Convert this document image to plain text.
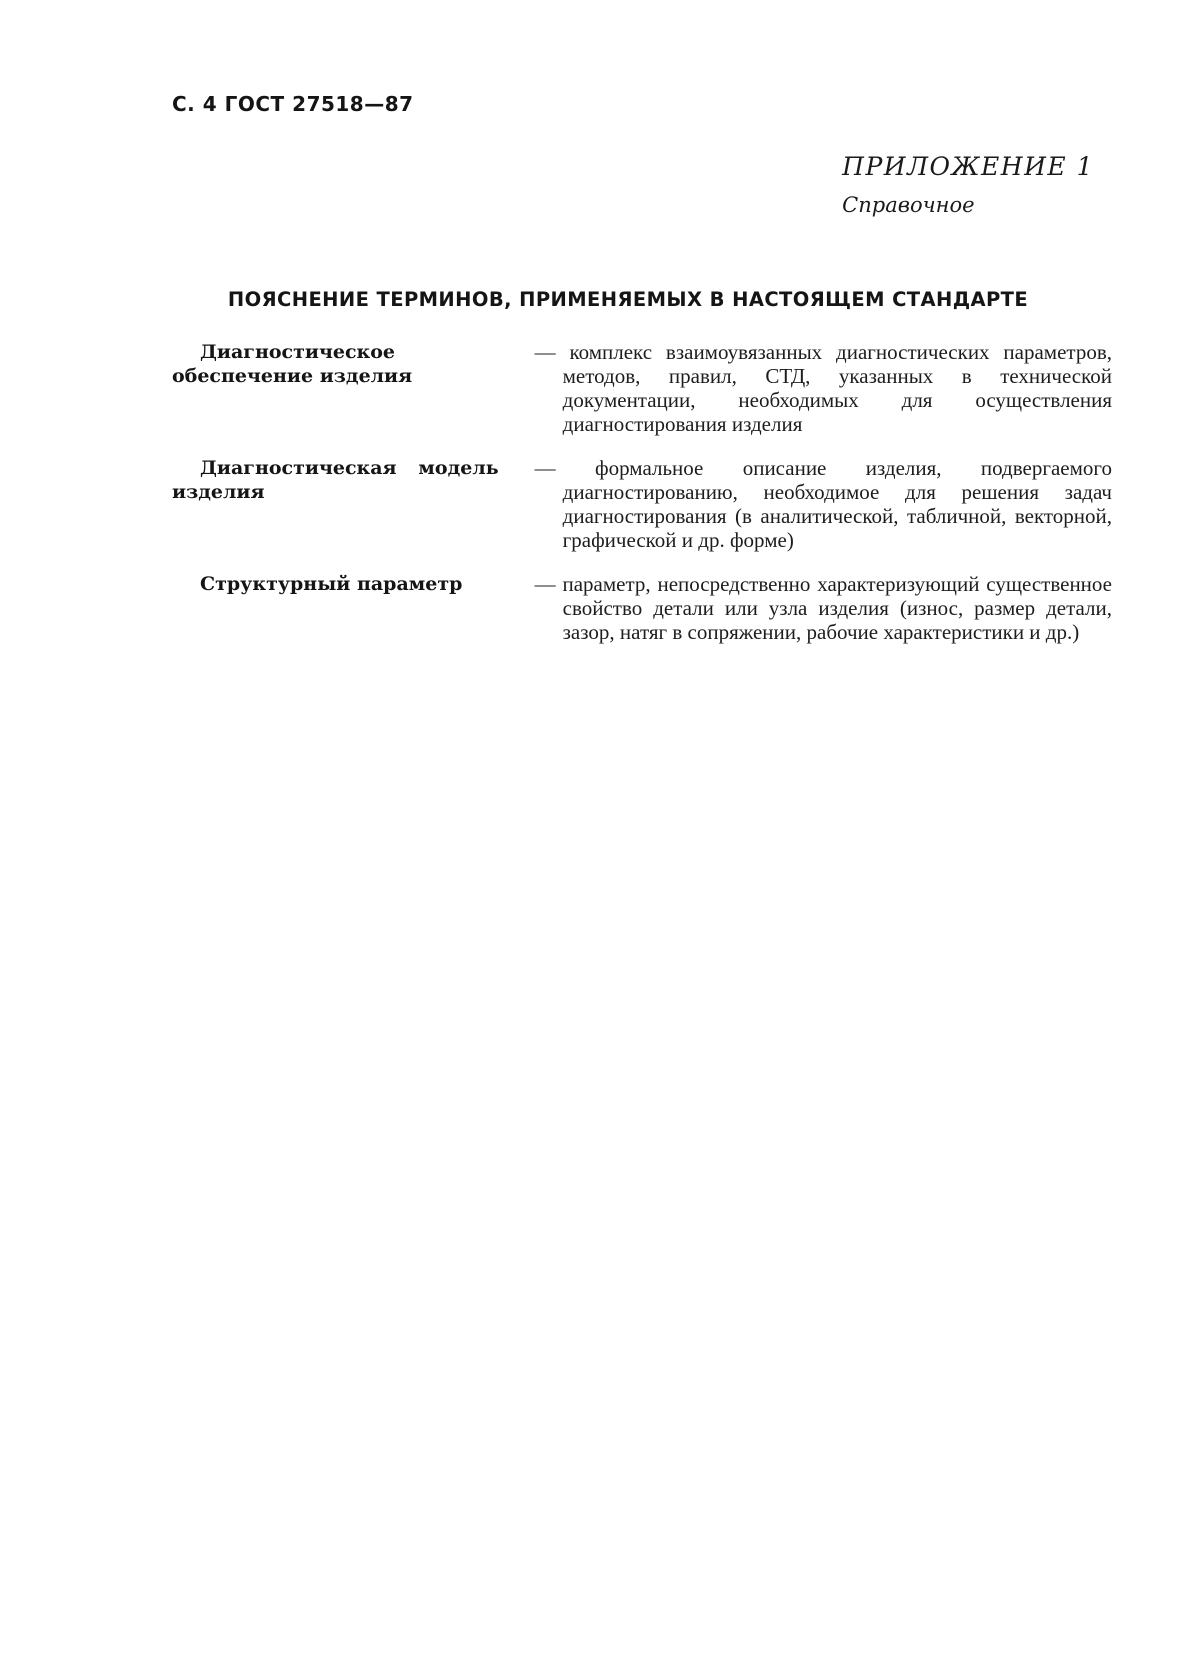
С. 4 ГОСТ 27518—87
ПРИЛОЖЕНИЕ 1
Справочное
ПОЯСНЕНИЕ ТЕРМИНОВ, ПРИМЕНЯЕМЫХ В НАСТОЯЩЕМ СТАНДАРТЕ
Диагностическое обеспечение изделия
— комплекс взаимоувязанных диагностических параметров, методов, правил, СТД, указанных в технической документации, необходимых для осуществления диагностирования изделия
Диагностическая модель изделия
— формальное описание изделия, подвергаемого диагностированию, необходимое для решения задач диагностирования (в аналитической, табличной, векторной, графической и др. форме)
Структурный параметр	— параметр, непосредственно характеризующий существенное свойство детали или узла изделия (износ, размер детали, зазор, натяг в сопряжении, рабочие характеристики и др.)
